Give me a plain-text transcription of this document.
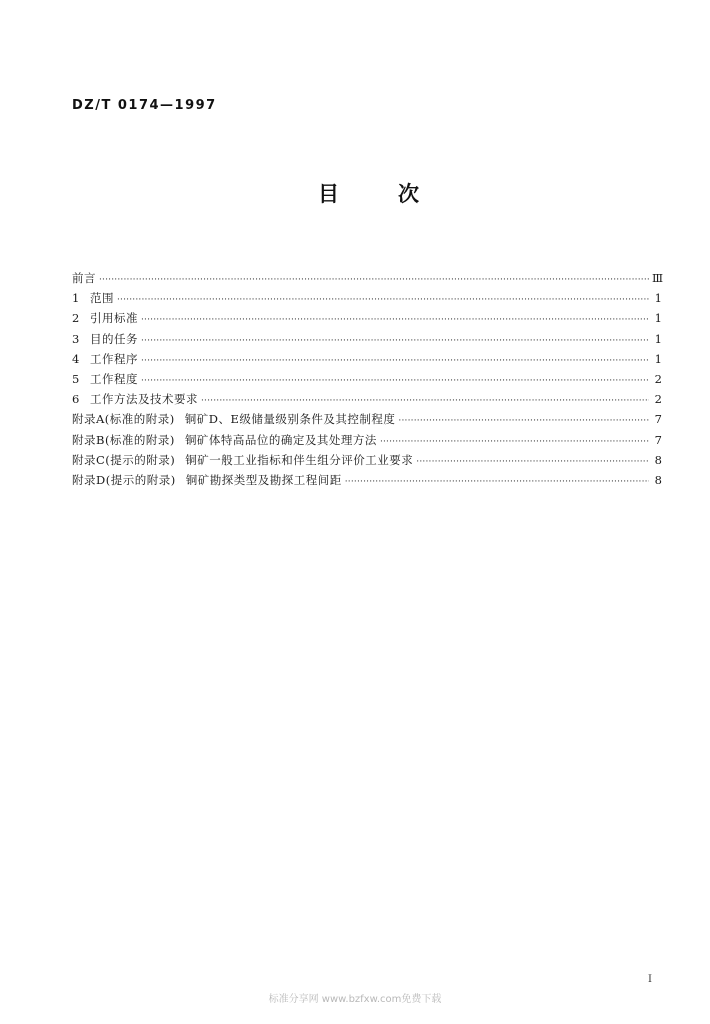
DZ/T 0174—1997
目	次
前言 ·····	Ⅲ
1 范围 ·····	1
2 引用标准 ·····	1
3 目的任务 ·····	1
4 工作程序 ·····	1
5 工作程度 ·····	2
6 工作方法及技术要求 ·····	2
附录A(标准的附录) 铜矿D、E级储量级别条件及其控制程度 ·····	7
附录B(标准的附录) 铜矿体特高品位的确定及其处理方法 ·····	7
附录C(提示的附录) 铜矿一般工业指标和伴生组分评价工业要求 ·····	8
附录D(提示的附录) 铜矿勘探类型及勘探工程间距 ·····	8
Ⅰ
标准分享网 www.bzfxw.com免费下载
